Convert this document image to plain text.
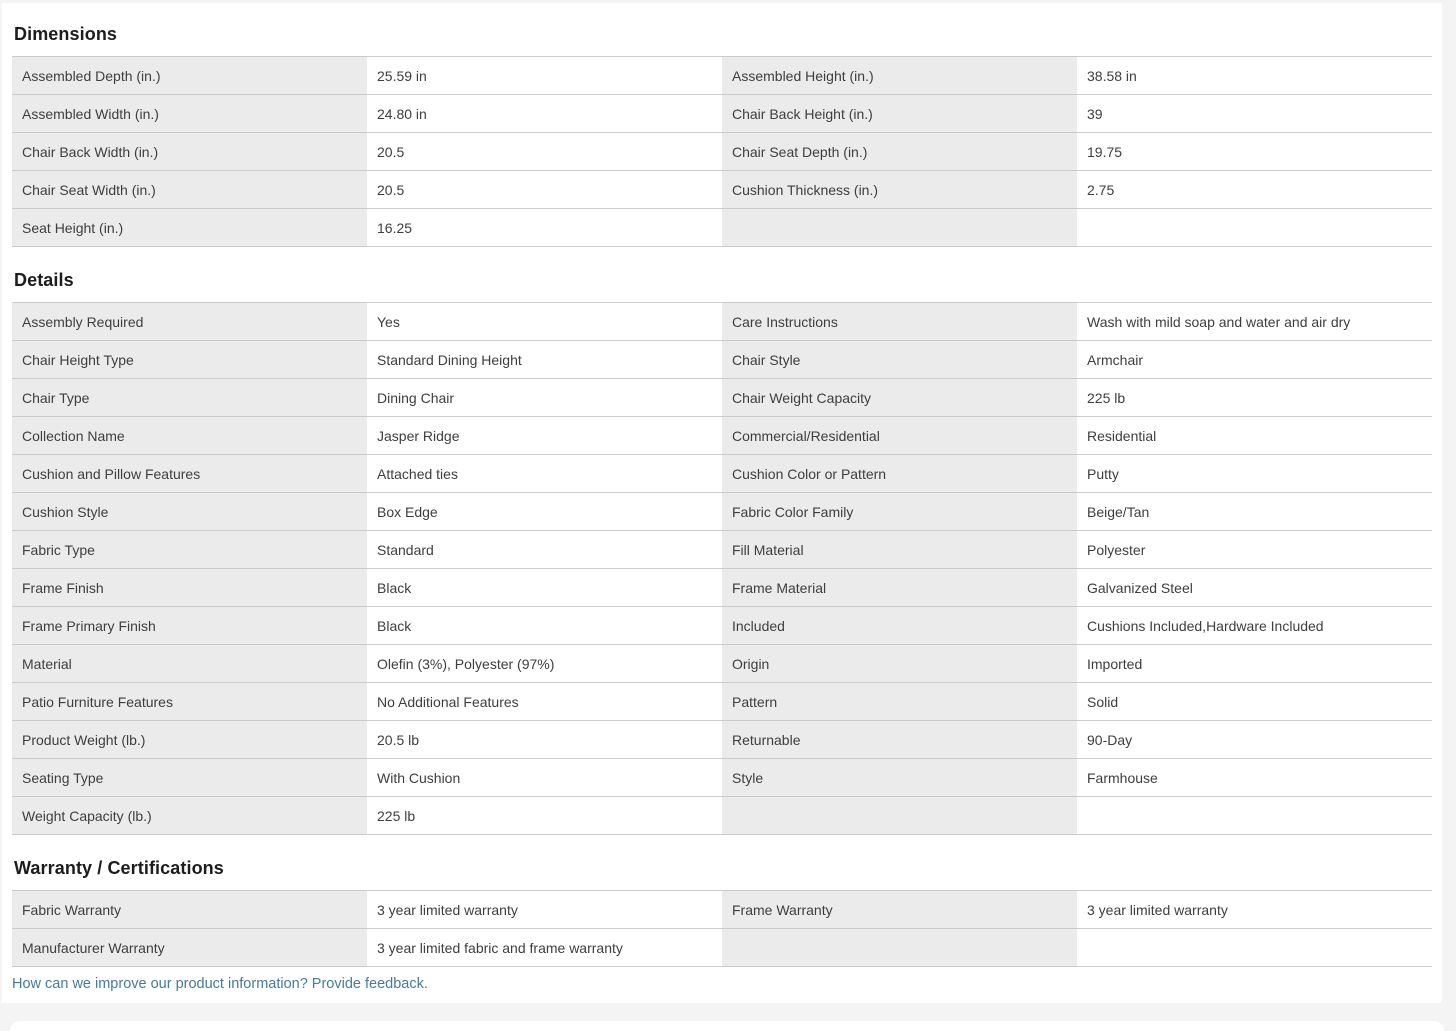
Dimensions
Assembled Depth (in.)	25.59 in	Assembled Height (in.)	38.58 in
Assembled Width (in.)	24.80 in	Chair Back Height (in.)	39
Chair Back Width (in.)	20.5	Chair Seat Depth (in.)	19.75
Chair Seat Width (in.)	20.5	Cushion Thickness (in.)	2.75
Seat Height (in.)	16.25
Details
Assembly Required	Yes	Care Instructions	Wash with mild soap and water and air dry
Chair Height Type	Standard Dining Height	Chair Style	Armchair
Chair Type	Dining Chair	Chair Weight Capacity	225 lb
Collection Name	Jasper Ridge	Commercial/Residential	Residential
Cushion and Pillow Features	Attached ties	Cushion Color or Pattern	Putty
Cushion Style	Box Edge	Fabric Color Family	Beige/Tan
Fabric Type	Standard	Fill Material	Polyester
Frame Finish	Black	Frame Material	Galvanized Steel
Frame Primary Finish	Black	Included	Cushions Included,Hardware Included
Material	Olefin (3%), Polyester (97%)	Origin	Imported
Patio Furniture Features	No Additional Features	Pattern	Solid
Product Weight (lb.)	20.5 lb	Returnable	90-Day
Seating Type	With Cushion	Style	Farmhouse
Weight Capacity (lb.)	225 lb
Warranty / Certifications
Fabric Warranty	3 year limited warranty	Frame Warranty	3 year limited warranty
Manufacturer Warranty	3 year limited fabric and frame warranty
How can we improve our product information? Provide feedback.
